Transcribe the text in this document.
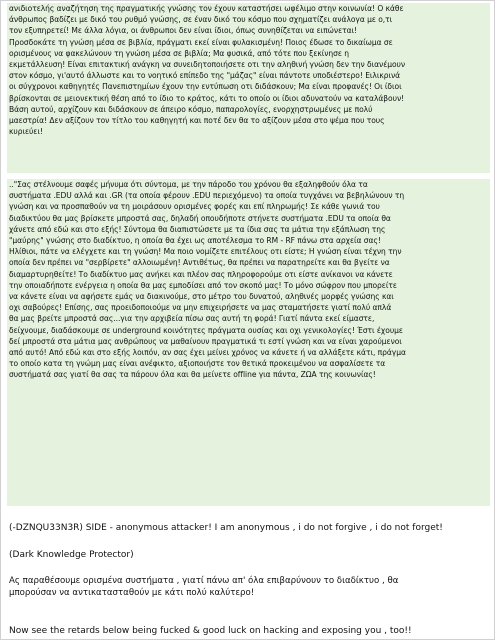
ανιδιοτελής αναζήτηση της πραγματικής γνώσης τον έχουν καταστήσει ωφέλιμο στην κοινωνία! Ο κάθε
άνθρωπος βαδίζει με δικό του ρυθμό γνώσης, σε έναν δικό του κόσμο που σχηματίζει ανάλογα με ο,τι
τον εξυπηρετεί! Με άλλα λόγια, οι άνθρωποι δεν είναι ίδιοι, όπως συνηθίζεται να ειπώνεται!
Προσδοκάτε τη γνώση μέσα σε βιβλία, πράγματι εκεί είναι φυλακισμένη! Ποιος έδωσε το δικαίωμα σε
ορισμένους να φακελώνουν τη γνώση μέσα σε βιβλία; Μα φυσικά, από τότε που ξεκίνησε η
εκμετάλλευση! Είναι επιτακτική ανάγκη να συνειδητοποιήσετε οτι την αληθινή γνώση δεν την διανέμουν
στον κόσμο, γι'αυτό άλλωστε και το νοητικό επίπεδο της "μάζας" είναι πάντοτε υποδιέστερο! Ειλικρινά
οι σύγχρονοι καθηγητές Πανεπιστημίων έχουν την εντύπωση οτι διδάσκουν; Μα είναι προφανές! Οι ίδιοι
βρίσκονται σε μειονεκτική θέση από το ίδιο το κράτος, κάτι το οποίο οι ίδιοι αδυνατούν να καταλάβουν!
Βάση αυτού, αρχίζουν και διδάσκουν σε άπειρο κόσμο, παπαρολογίες, ενορχηστρωμένες με πολύ
μαεστρία! Δεν αξίζουν τον τίτλο του καθηγητή και ποτέ δεν θα το αξίζουν μέσα στο ψέμα που τους
κυριεύει!
.."Σας στέλνουμε σαφές μήνυμα ότι σύντομα, με την πάροδο του χρόνου θα εξαληφθούν όλα τα
συστήματα .EDU αλλά και .GR (τα οποία φέρουν .EDU περιεχόμενο) τα οποία τυγχάνει να βεβηλώνουν τη
γνώση και να προσπαθούν να τη μοιράσουν ορισμένες φορές και επί πληρωμής! Σε κάθε γωνιά του
διαδικτύου θα μας βρίσκετε μπροστά σας, δηλαδή οπουδήποτε στήνετε συστήματα .EDU τα οποία θα
χάνετε από εδώ και στο εξής! Σύντομα θα διαπιστώσετε με τα ίδια σας τα μάτια την εξάπλωση της
"μαύρης" γνώσης στο διαδίκτυο, η οποία θα έχει ως αποτέλεσμα το RM - RF πάνω στα αρχεία σας!
Ηλίθιοι, πάτε να ελέγχετε και τη γνώση! Μα ποιο νομίζετε επιτέλους οτι είστε; Η γνώση είναι τέχνη την
οποία δεν πρέπει να "σερβίρετε" αλλοιωμένη! Αντιθέτως, θα πρέπει να παρατηρείτε και θα βγείτε να
διαμαρτυρηθείτε! Το διαδίκτυο μας ανήκει και πλέον σας πληροφορούμε οτι είστε ανίκανοι να κάνετε
την οποιαδήποτε ενέργεια η οποία θα μας εμποδίσει από τον σκοπό μας! Το μόνο σώφρον που μπορείτε
να κάνετε είναι να αφήσετε εμάς να διακινούμε, στο μέτρο του δυνατού, αληθινές μορφές γνώσης και
οχι σαβούρες! Επίσης, σας προειδοποιούμε να μην επιχειρήσετε να μας σταματήσετε γιατί πολύ απλά
θα μας βρείτε μπροστά σας...για την αρχιβεία πίσω σας αυτή τη φορά! Γιατί πάντα εκεί είμαστε,
δείχνουμε, διαδάσκουμε σε underground κοινότητες πράγματα ουσίας και οχι γενικολογίες! Έστι έχουμε
δεί μπροστά στα μάτια μας ανθρώπους να μαθαίνουν πραγματικά τι εστί γνώση και να είναι χαρούμενοι
από αυτό! Από εδώ και στο εξής λοιπόν, αν σας έχει μείνει χρόνος να κάνετε ή να αλλάξετε κάτι, πράγμα
το οποίο κατα τη γνώμη μας είναι ανέφικτο, αξιοποιήστε τον θετικά προκειμένου να ασφαλίσετε τα
συστήματά σας γιατί θα σας τα πάρουν όλα και θα μείνετε offline για πάντα, ΖΩΑ της κοινωνίας!
(-DZNQU33N3R) SIDE - anonymous attacker! I am anonymous , i do not forgive , i do not forget!
(Dark Knowledge Protector)
Ας παραθέσουμε ορισμένα συστήματα , γιατί πάνω απ' όλα επιβαρύνουν το διαδίκτυο , θα
μπορούσαν να αντικατασταθούν με κάτι πολύ καλύτερο!
Now see the retards below being fucked & good luck on hacking and exposing you , too!!
